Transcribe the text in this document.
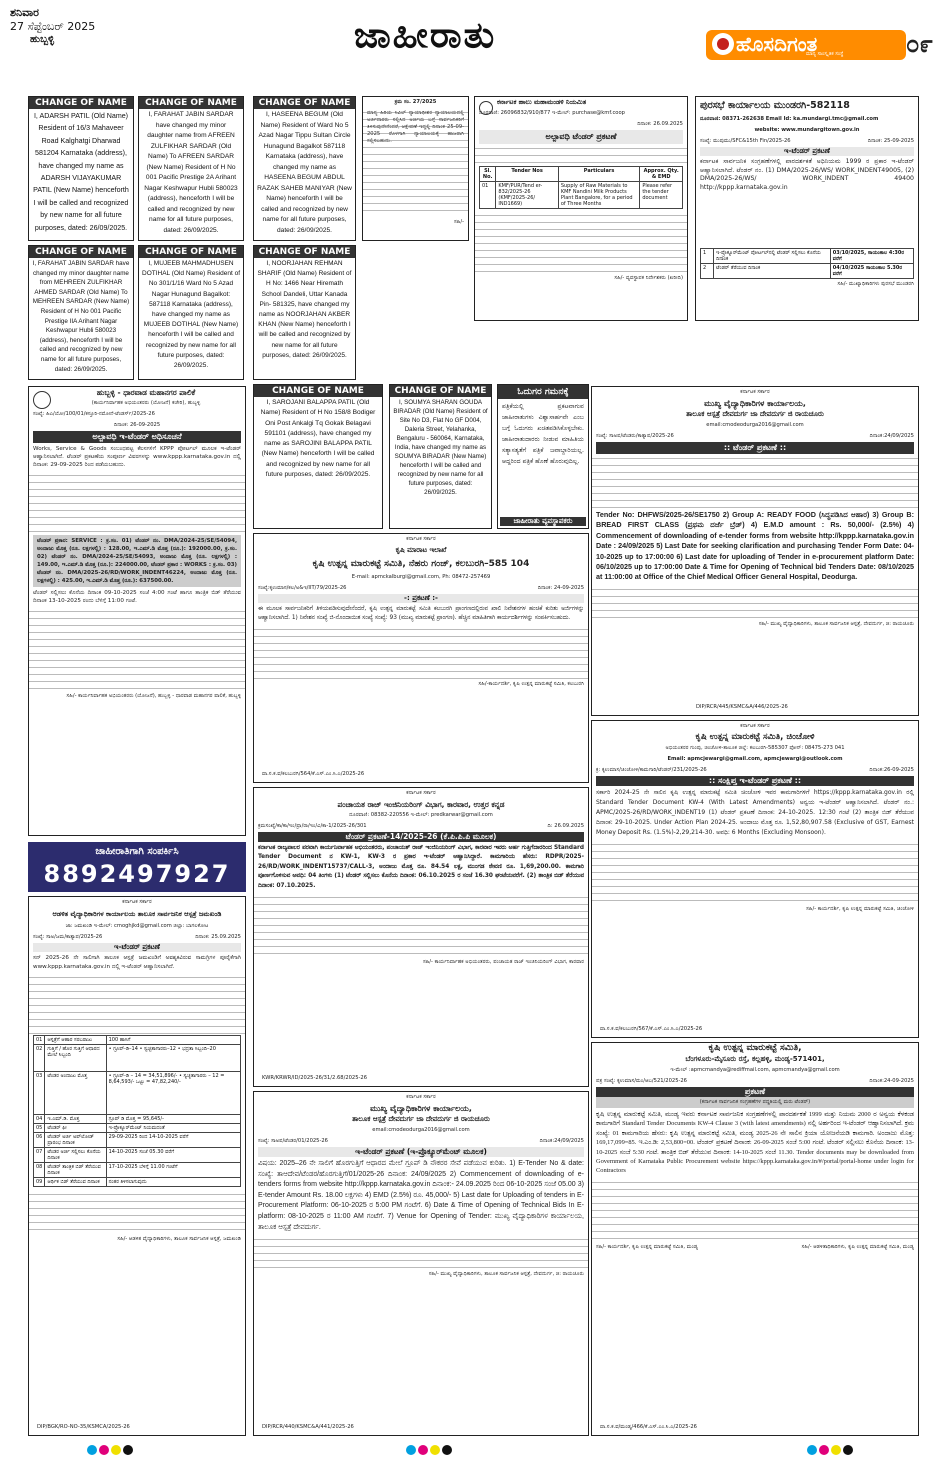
ಶನಿವಾರ
27 ಸೆಪ್ಟೆಂಬರ್ 2025
ಹುಬ್ಬಳ್ಳಿ	ಜಾಹೀರಾತು	ಹೊಸದಿಗಂತ
ಮಾನ್ಯ ಸಾಂಸ್ಕೃತಿಕ ಸಂಸ್ಥೆ	೦೯
CHANGE OF NAME
I, ADARSH PATIL (Old Name) Resident of 16/3 Mahaveer Road Kalghatgi Dharwad 581204 Karnataka (address), have changed my name as ADARSH VIJAYAKUMAR PATIL (New Name) henceforth I will be called and recognized by new name for all future purposes, dated: 26/09/2025.
CHANGE OF NAME
I, FARAHAT JABIN SARDAR have changed my minor daughter name from AFREEN ZULFIKHAR SARDAR (Old Name) To AFREEN SARDAR (New Name) Resident of H No 001 Pacific Prestige 2A Arihant Nagar Keshwapur Hubli 580023 (address), henceforth I will be called and recognized by new name for all future purposes, dated: 26/09/2025.
CHANGE OF NAME
I, HASEENA BEGUM (Old Name) Resident of Ward No 5 Azad Nagar Tippu Sultan Circle Hunagund Bagalkot 587118 Karnataka (address), have changed my name as HASEENA BEGUM ABDUL RAZAK SAHEB MANIYAR (New Name) henceforth I will be called and recognized by new name for all future purposes, dated: 26/09/2025.
ಕ್ರಮ ಸಂ. 27/2025
ಮಾನ್ಯ ಹಿರಿಯ ಸಿವಿಲ್ ನ್ಯಾಯಾಧೀಶರ ನ್ಯಾಯಾಲಯದಲ್ಲಿ ಅರ್ಜಿದಾರರು ಸಲ್ಲಿಸಿದ ಅರ್ಜಿಯ ಬಗ್ಗೆ ಸಾರ್ವಜನಿಕರಿಗೆ ತಿಳಿಸುವುದೇನೆಂದರೆ, ಆಕ್ಷೇಪಣೆ ಇದ್ದಲ್ಲಿ ದಿನಾಂಕ 25-09-2025 ರೊಳಗಾಗಿ ನ್ಯಾಯಾಲಯಕ್ಕೆ ಹಾಜರಾಗಿ ಸಲ್ಲಿಸಬಹುದು.
ಸಹಿ/-
ಕರ್ನಾಟಕ ಹಾಲು ಮಹಾಮಂಡಳಿ ನಿಯಮಿತ
ದೂರವಾಣಿ: 26096832/910/877 ಇ-ಮೇಲ್: purchase@kmf.coop
ದಿನಾಂಕ: 26.09.2025
ಅಲ್ಪಾವಧಿ ಟೆಂಡರ್ ಪ್ರಕಟಣೆ
Sl. No.	Tender Nos	Particulars	Approx. Qty. & EMD
01	KMF/PUR/Tend er-832/2025-26 (KMF/2025-26/ IND1669)	Supply of Raw Materials to KMF Nandini Milk Products Plant Bangalore, for a period of Three Months	Please refer the tender document
ಸಹಿ/- ವ್ಯವಸ್ಥಾಪಕ ನಿರ್ದೇಶಕರು (ಖರೀದಿ)
ಪುರಸಭೆ ಕಾರ್ಯಾಲಯ ಮುಂಡರಗಿ-582118
ದೂರವಾಣಿ: 08371-262638 Email Id: ka.mundargi.tmc@gmail.com
website: www.mundargitown.gov.in
ಸಂಖ್ಯೆ: ಮುಪುಮು/SFC&15th Fin/2025-26	ದಿನಾಂಕ: 25-09-2025
ಇ-ಟೆಂಡರ್ ಪ್ರಕಟಣೆ
ಕರ್ನಾಟಕ ಸಾರ್ವಜನಿಕ ಸಂಗ್ರಹಣೆಗಳಲ್ಲಿ ಪಾರದರ್ಶಕತೆ ಅಧಿನಿಯಮ 1999 ರ ಪ್ರಕಾರ ಇ-ಟೆಂಡರ್ ಆಹ್ವಾನಿಸಲಾಗಿದೆ. ಟೆಂಡರ್ ನಂ. (1) DMA/2025-26/WS/ WORK_INDENT49005, (2) DMA/2025-26/WS/ WORK_INDENT 49400 http://kppp.karnataka.gov.in
1	ಇ-ಪ್ರೊಕ್ಯೂರ್‌ಮೆಂಟ್ ಪೋರ್ಟಲ್‌ನಲ್ಲಿ ಟೆಂಡರ್ ಸಲ್ಲಿಸಲು ಕೊನೆಯ ದಿನಾಂಕ	03/10/2025, ಸಾಯಂಕಾಲ 4:30ರ ವರೆಗೆ
2	ಟೆಂಡರ್ ತೆರೆಯುವ ದಿನಾಂಕ	04/10/2025 ಸಾಯಂಕಾಲ 5.30ರ ವರೆಗೆ
ಸಹಿ/- ಮುಖ್ಯಾಧಿಕಾರಿಗಳು ಪುರಸಭೆ ಮುಂಡರಗಿ
CHANGE OF NAME
I, FARAHAT JABIN SARDAR have changed my minor daughter name from MEHREEN ZULFIKHAR AHMED SARDAR (Old Name) To MEHREEN SARDAR (New Name) Resident of H No 001 Pacific Prestige IIA Arihant Nagar Keshwapur Hubli 580023 (address), henceforth I will be called and recognized by new name for all future purposes, dated: 26/09/2025.
CHANGE OF NAME
I, MUJEEB MAHMADHUSEN DOTIHAL (Old Name) Resident of No 301/1/16 Ward No 5 Azad Nagar Hunagund Bagalkot: 587118 Karnataka (address), have changed my name as MUJEEB DOTIHAL (New Name) henceforth I will be called and recognized by new name for all future purposes, dated: 26/09/2025.
CHANGE OF NAME
I, NOORJAHAN REHMAN SHARIF (Old Name) Resident of H No: 1466 Near Hiremath School Dandeli, Uttar Kanada Pin- 581325, have changed my name as NOORJAHAN AKBER KHAN (New Name) henceforth I will be called and recognized by new name for all future purposes, dated: 26/09/2025.
ಹುಬ್ಬಳ್ಳಿ - ಧಾರವಾಡ ಮಹಾನಗರ ಪಾಲಿಕೆ
(ಕಾರ್ಯನಿರ್ವಾಹಕ ಅಭಿಯಂತರರು (ಯೋಜನೆ) ಕಚೇರಿ), ಹುಬ್ಬಳ್ಳಿ
ಸಂಖ್ಯೆ: ಹಿಎ/ಯೋ/100/01/ಕಸ್ತೂರಿ-ನಮೋನೆ-ಟೆಂಡರ್ಸ್/2025-26
ದಿನಾಂಕ: 26-09-2025
ಅಲ್ಪಾವಧಿ ಇ-ಟೆಂಡರ್ ಅಧಿಸೂಚನೆ
Works, Service & Goods ಸಂಬಂಧಪಟ್ಟ ಕೆಲಸಗಳಿಗೆ KPPP ಪೋರ್ಟಲ್ ಮೂಲಕ ಇ-ಟೆಂಡರ್ ಆಹ್ವಾನಿಸಲಾಗಿದೆ. ಟೆಂಡರ್ ಪ್ರಕಟಣೆಯ ಸಂಪೂರ್ಣ ವಿವರಗಳನ್ನು www.kppp.karnataka.gov.in ದಲ್ಲಿ ದಿನಾಂಕ: 29-09-2025 ರಿಂದ ಪಡೆಯಬಹುದು.
ಟೆಂಡರ್ ಪ್ರಕಾರ: SERVICE : ಕ್ರ.ಸಂ. 01) ಟೆಂಡರ್ ನಂ. DMA/2024-25/SE/54094, ಅಂದಾಜು ಮೊತ್ತ (ರೂ. ಲಕ್ಷಗಳಲ್ಲಿ) : 128.00, ಇ.ಎಮ್.ಡಿ ಮೊತ್ತ (ರೂ.): 192000.00, ಕ್ರ.ಸಂ. 02) ಟೆಂಡರ್ ನಂ. DMA/2024-25/SE/54093, ಅಂದಾಜು ಮೊತ್ತ (ರೂ. ಲಕ್ಷಗಳಲ್ಲಿ) : 149.00, ಇ.ಎಮ್.ಡಿ ಮೊತ್ತ (ರೂ.): 224000.00, ಟೆಂಡರ್ ಪ್ರಕಾರ : WORKS : ಕ್ರ.ಸಂ. 03) ಟೆಂಡರ್ ನಂ. DMA/2025-26/RD/WORK_INDENT46224, ಅಂದಾಜು ಮೊತ್ತ (ರೂ. ಲಕ್ಷಗಳಲ್ಲಿ) : 425.00, ಇ.ಎಮ್.ಡಿ ಮೊತ್ತ (ರೂ.): 637500.00.
ಟೆಂಡರ್ ಸಲ್ಲಿಸಲು ಕೊನೆಯ ದಿನಾಂಕ 09-10-2025 ಸಂಜೆ 4:00 ಗಂಟೆ ಹಾಗೂ ತಾಂತ್ರಿಕ ಬಿಡ್ ತೆರೆಯುವ ದಿನಾಂಕ 13-10-2025 ರಂದು ಬೆಳಿಗ್ಗೆ 11:00 ಗಂಟೆ.
ಸಹಿ/- ಕಾರ್ಯನಿರ್ವಾಹಕ ಅಭಿಯಂತರರು (ಯೋಜನೆ), ಹುಬ್ಬಳ್ಳಿ - ಧಾರವಾಡ ಮಹಾನಗರ ಪಾಲಿಕೆ, ಹುಬ್ಬಳ್ಳಿ
CHANGE OF NAME
I, SAROJANI BALAPPA PATIL (Old Name) Resident of H No 158/8 Bodiger Oni Post Ankalgi Tq Gokak Belagavi 591101 (address), have changed my name as SAROJINI BALAPPA PATIL (New Name) henceforth I will be called and recognized by new name for all future purposes, dated: 26/09/2025.
CHANGE OF NAME
I, SOUMYA SHARAN GOUDA BIRADAR (Old Name) Resident of Site No D3, Flat No GF D004, Daleria Street, Yelahanka, Bengaluru - 560064, Karnataka, India, have changed my name as SOUMYA BIRADAR (New Name) henceforth I will be called and recognized by new name for all future purposes, dated: 26/09/2025.
ಓದುಗರ ಗಮನಕ್ಕೆ
ಪತ್ರಿಕೆಯಲ್ಲಿ ಪ್ರಕಟವಾಗುವ ಜಾಹೀರಾತುಗಳು ವಿಶ್ವಾಸಾರ್ಹವೇ ಎಂಬ ಬಗ್ಗೆ ಓದುಗರು ಖಚಿತಪಡಿಸಿಕೊಳ್ಳಬೇಕು. ಜಾಹೀರಾತುದಾರರು ನೀಡುವ ಮಾಹಿತಿಯ ಸತ್ಯಾಸತ್ಯತೆಗೆ ಪತ್ರಿಕೆ ಜವಾಬ್ದಾರಿಯಲ್ಲ. ಆದ್ದರಿಂದ ಪತ್ರಿಕೆ ಹೊಣೆ ಹೊರುವುದಿಲ್ಲ.
ಜಾಹೀರಾತು ವ್ಯವಸ್ಥಾಪಕರು
ಕರ್ನಾಟಕ ಸರ್ಕಾರ
ಮುಖ್ಯ ವೈದ್ಯಾಧಿಕಾರಿಗಳ ಕಾರ್ಯಾಲಯ,
ತಾಲೂಕ ಆಸ್ಪತ್ರೆ ದೇವದುರ್ಗ ಜಾ ದೇವದುರ್ಗ ಜಿ ರಾಯಚೂರು
email:cmodeodurga2016@gmail.com
ಸಂಖ್ಯೆ: ಸಾಅಪ/ಟೆಂಡರು/ಕಾತ್ಯಾಪ/2025-26	ದಿನಾಂಕ:24/09/2025
:: ಟೆಂಡರ್ ಪ್ರಕಟಣೆ ::
Tender No: DHFWS/2025-26/SE1750 2) Group A: READY FOOD (ಸಿದ್ಧಪಡಿಸಿದ ಆಹಾರ) 3) Group B: BREAD FIRST CLASS (ಪ್ರಥಮ ದರ್ಜೆ ಬ್ರೆಡ್) 4) E.M.D amount : Rs. 50,000/- (2.5%) 4) Commencement of downloading of e-tender forms from website http://kppp.karnataka.gov.in Date : 24/09/2025 5) Last Date for seeking clarification and purchasing Tender Form Date: 04-10-2025 up to 17:00:00 6) Last date for uploading of Tender in e-procurement platform Date: 06/10/2025 up to 17:00:00 Date & Time for Opening of Technical bid Tenders Date: 08/10/2025 at 11:00:00 at Office of the Chief Medical Officer General Hospital, Deodurga.
ಸಹಿ/- ಮುಖ್ಯ ವೈದ್ಯಾಧಿಕಾರಿಗಳು, ತಾಲೂಕ ಸಾರ್ವಜನಿಕ ಆಸ್ಪತ್ರೆ, ದೇವದುರ್ಗ, ಜಿ: ರಾಯಚೂರು
DIP/RCR/445/KSMC&A/446/2025-26
ಕರ್ನಾಟಕ ಸರ್ಕಾರ
ಕೃಷಿ ಮಾರಾಟ ಇಲಾಖೆ
ಕೃಷಿ ಉತ್ಪನ್ನ ಮಾರುಕಟ್ಟೆ ಸಮಿತಿ, ನೆಹರು ಗಂಜ್, ಕಲಬುರಗಿ–585 104
E-mail: apmckalburgi@gmail.com, Ph: 08472-257469
ಸಂಖ್ಯೆ:ಕೃಉಮಾಸ/ಕಲ/ಅ&ಇ/IIT/79/2025-26	ದಿನಾಂಕ: 24-09-2025
-: ಪ್ರಕಟಣೆ :-
ಈ ಮೂಲಕ ಸಾರ್ವಜನಿಕರಿಗೆ ತಿಳಿಯಪಡಿಸುವುದೇನೆಂದರೆ, ಕೃಷಿ ಉತ್ಪನ್ನ ಮಾರುಕಟ್ಟೆ ಸಮಿತಿ ಕಲಬುರಗಿ ಪ್ರಾಂಗಣದಲ್ಲಿರುವ ಖಾಲಿ ನಿವೇಶನಗಳ ಹಂಚಿಕೆ ಕುರಿತು ಅರ್ಜಿಗಳನ್ನು ಆಹ್ವಾನಿಸಲಾಗಿದೆ. 1) ನಿವೇಶನ ಸಂಖ್ಯೆ ಜಿ-ನೊಂದಾಯಿತ ಸಂಖ್ಯೆ ಸಂಖ್ಯೆ: 93 (ಮುಖ್ಯ ಮಾರುಕಟ್ಟೆ ಪ್ರಾಂಗಣ). ಹೆಚ್ಚಿನ ಮಾಹಿತಿಗಾಗಿ ಕಾರ್ಯದರ್ಶಿಗಳನ್ನು ಸಂಪರ್ಕಿಸಬಹುದು.
ಸಹಿ/-ಕಾರ್ಯದರ್ಶಿ, ಕೃಷಿ ಉತ್ಪನ್ನ ಮಾರುಕಟ್ಟೆ ಸಮಿತಿ, ಕಲಬುರಗಿ
ವಾ.ಸ.ಕ.ವ/ಕಲಬುರಗಿ/564/ಕೆ.ಎಸ್.ಎಂ.ಸಿ.ಎ/2025-26
ಕರ್ನಾಟಕ ಸರ್ಕಾರ
ಕೃಷಿ ಉತ್ಪನ್ನ ಮಾರುಕಟ್ಟೆ ಸಮಿತಿ, ಚಿಂಚೋಳಿ
ಅಭಿಯಂತರರ ಗುಂಪು, ಚಿಂಚೋಳಿ-ತಾಲೂಕ ಜಿಲ್ಲೆ: ಕಲಬುರಗಿ-585307 ಫೋನ್: 08475-273 041
Email: apmcjewargi@gmail.com, apmcjewargi@outlook.com
ಕ್ರ: ಕೃಉಮಾಸ/ಚಿಂಚೋಳಿ/ಕಾಮಗಾರಿ/ಟೆಂಡರ್/231/2025-26	ದಿನಾಂಕ:26-09-2025
:: ಸಂಕ್ಷಿಪ್ತ ಇ-ಟೆಂಡರ್ ಪ್ರಕಟಣೆ ::
ಸರ್ಕಾರಿ 2024-25 ನೇ ಸಾಲಿನ ಕೃಷಿ ಉತ್ಪನ್ನ ಮಾರುಕಟ್ಟೆ ಸಮಿತಿ ಚಿಂಚೋಳಿ ಇವರ ಕಾಮಗಾರಿಗಳಿಗೆ https://kppp.karnataka.gov.in ರಲ್ಲಿ Standard Tender Document KW-4 (With Latest Amendments) ಅನ್ವಯ ಇ-ಟೆಂಡರ್ ಆಹ್ವಾನಿಸಲಾಗಿದೆ. ಟೆಂಡರ್ ನಂ.: APMC/2025-26/RD/WORK_INDENT19 (1) ಟೆಂಡರ್ ಪ್ರಕಟಣೆ ದಿನಾಂಕ: 24-10-2025. 12:30 ಗಂಟೆ (2) ತಾಂತ್ರಿಕ ಬಿಡ್ ತೆರೆಯುವ ದಿನಾಂಕ: 29-10-2025. Under Action Plan 2024-25. ಅಂದಾಜು ಮೊತ್ತ ರೂ. 1,52,80,907.58 (Exclusive of GST, Earnest Money Deposit Rs. (1.5%)-2,29,214-30. ಅವಧಿ: 6 Months (Excluding Monsoon).
ಸಹಿ/- ಕಾರ್ಯದರ್ಶಿ, ಕೃಷಿ ಉತ್ಪನ್ನ ಮಾರುಕಟ್ಟೆ ಸಮಿತಿ, ಚಿಂಚೋಳಿ
ವಾ.ಸ.ಕ.ವ/ಕಲಬುರಗಿ/567/ಕೆ.ಎಸ್.ಎಂ.ಸಿ.ಎ/2025-26
ಜಾಹೀರಾತಿಗಾಗಿ ಸಂಪರ್ಕಿಸಿ
8892497927
ಕರ್ನಾಟಕ ಸರ್ಕಾರ
ಪಂಚಾಯತ ರಾಜ್ ಇಂಜಿನಿಯರಿಂಗ್ ವಿಭಾಗ, ಕಾರವಾರ, ಉತ್ತರ ಕನ್ನಡ
ದೂರವಾಣಿ: 08382-220556 ಇ-ಮೇಲ್: predkarwar@gmail.com
ಕ್ರಮಸಂಖ್ಯೆ/ಕಾ/ಕಾ/ಇಂ/ಪ್ರಾ/ರಾ/ಇಂ/ವಿ/ಕಾ-1/2025-26/301	ದಿ: 26.09.2025
ಟೆಂಡರ್ ಪ್ರಕಟಣೆ-14/2025-26 (ಕೆ.ಪಿ.ಪಿ.ಪಿ ಮೂಲಕ)
ಕರ್ನಾಟಕ ರಾಜ್ಯಪಾಲರ ಪರವಾಗಿ ಕಾರ್ಯನಿರ್ವಾಹಕ ಅಭಿಯಂತರರು, ಪಂಚಾಯತ್ ರಾಜ್ ಇಂಜಿನಿಯರಿಂಗ್ ವಿಭಾಗ, ಕಾರವಾರ ಇವರು ಅರ್ಹ ಗುತ್ತಿಗೆದಾರರಿಂದ Standard Tender Document ನ KW-1, KW-3 ರ ಪ್ರಕಾರ ಇ-ಟೆಂಡರ್ ಆಹ್ವಾನಿಸಿದ್ದಾರೆ. ಕಾಮಗಾರಿಯ ಹೆಸರು: RDPR/2025-26/RD/WORK_INDENT15737/CALL-3, ಅಂದಾಜು ಮೊತ್ತ ರೂ. 84.54 ಲಕ್ಷ, ಮುಂಗಡ ಠೇವಣಿ ರೂ. 1,69,200.00. ಕಾಮಗಾರಿ ಪೂರ್ಣಗೊಳಿಸುವ ಅವಧಿ: 04 ತಿಂಗಳು (1) ಟೆಂಡರ್ ಸಲ್ಲಿಸಲು ಕೊನೆಯ ದಿನಾಂಕ: 06.10.2025 ರ ಸಂಜೆ 16.30 ಘಂಟೆಯವರೆಗೆ. (2) ತಾಂತ್ರಿಕ ಬಿಡ್ ತೆರೆಯುವ ದಿನಾಂಕ: 07.10.2025.
ಸಹಿ/- ಕಾರ್ಯನಿರ್ವಾಹಕ ಅಭಿಯಂತರರು, ಪಂಚಾಯತ ರಾಜ್ ಇಂಜಿನಿಯರಿಂಗ್ ವಿಭಾಗ, ಕಾರವಾರ
KWR/KRWR/ID/2025-26/31/2.68/2025-26
ಕರ್ನಾಟಕ ಸರ್ಕಾರ
ಆಡಳಿತ ವೈದ್ಯಾಧಿಕಾರಿಗಳ ಕಾರ್ಯಾಲಯ ತಾಲೂಕ ಸಾರ್ವಜನಿಕ ಆಸ್ಪತ್ರೆ ಜಮಖಂಡಿ
ಜಾ: ಜಮಖಂಡಿ ಇ-ಮೇಲ್: cmoghjkd@gmail.com ಜಿಲ್ಲಾ: ಬಾಗಲಕೋಟ
ಸಂಖ್ಯೆ: ಸಾಅ/ಜಮ/ಕಾತ್ಯಾಪ/2025-26	ದಿನಾಂಕ: 25.09.2025
ಇ-ಟೆಂಡರ್ ಪ್ರಕಟಣೆ
ಸನ್ 2025-26 ನೇ ಸಾಲಿಗಾಗಿ ತಾಲೂಕ ಆಸ್ಪತ್ರೆ ಜಮಖಂಡಿಗೆ ಅವಶ್ಯಕವಿರುವ ಸಾಮಗ್ರಿಗಳ ಪೂರೈಕೆಗಾಗಿ www.kppp.karnataka.gov.in ದಲ್ಲಿ ಇ-ಟೆಂಡರ್ ಆಹ್ವಾನಿಸಲಾಗಿದೆ.
01	ಆಸ್ಪತ್ರೆಗೆ ಆಹಾರ ಸರಬರಾಜು	100 ಹಾಸಿಗೆ
02	ಗುತ್ತಿಗೆ / ಹೊರ ಗುತ್ತಿಗೆ ಆಧಾರದ ಮೇಲೆ ಸಿಬ್ಬಂದಿ	• ಗ್ರೂಪ್-ಡಿ–14 • ಸ್ವಚ್ಛತಾಗಾರರು–12 • ಭದ್ರತಾ ಸಿಬ್ಬಂದಿ–20
03	ಟೆಂಡರ ಅಂದಾಜು ಮೊತ್ತ	• ಗ್ರೂಪ್-ಡಿ – 14 = 34,51,896/- • ಸ್ವಚ್ಛತಾಗಾರರು – 12 = 8,64,593/- ಒಟ್ಟು = 47,82,240/-
04	ಇ.ಎಮ್.ಡಿ. ಮೊತ್ತ	ಗ್ರೂಪ್ ಡಿ ಮೊತ್ತ = 95,645/-
05	ಟೆಂಡರ್ ಫೀ	ಇ-ಪ್ರೊಕ್ಯೂರ್‌ಮೆಂಟ್ ನಿಯಮದಂತೆ
06	ಟೆಂಡರ್ ಅರ್ಜಿ ಅಪ್‌ಲೋಡ್ ಪ್ರಾರಂಭ ದಿನಾಂಕ	29-09-2025 ರಿಂದ 14-10-2025 ವರೆಗೆ
07	ಟೆಂಡರ ಅರ್ಜಿ ಸಲ್ಲಿಸಲು ಕೊನೆಯ ದಿನಾಂಕ	14-10-2025 ಸಂಜೆ 05.30 ವರೆಗೆ
08	ಟೆಂಡರ್ ತಾಂತ್ರಿಕ ಬಿಡ್ ತೆರೆಯುವ ದಿನಾಂಕ	17-10-2025 ಬೆಳಿಗ್ಗೆ 11.00 ಗಂಟೆಗೆ
09	ಆರ್ಥಿಕ ಬಿಡ್ ತೆರೆಯುವ ದಿನಾಂಕ	ನಂತರ ತಿಳಿಸಲಾಗುವುದು
ಸಹಿ/- ಆಡಳಿತ ವೈದ್ಯಾಧಿಕಾರಿಗಳು, ತಾಲೂಕ ಸಾರ್ವಜನಿಕ ಆಸ್ಪತ್ರೆ, ಜಮಖಂಡಿ
DIP/BGK/RO-NO-35/KSMCA/2025-26
ಕರ್ನಾಟಕ ಸರ್ಕಾರ
ಮುಖ್ಯ ವೈದ್ಯಾಧಿಕಾರಿಗಳ ಕಾರ್ಯಾಲಯ,
ತಾಲೂಕ ಆಸ್ಪತ್ರೆ ದೇವದುರ್ಗ ಜಾ ದೇವದುರ್ಗ ಜಿ ರಾಯಚೂರು
email:cmodeodurga2016@gmail.com
ಸಂಖ್ಯೆ: ಸಾಅಪ/ಟೆಂಡರ/01/2025-26	ದಿನಾಂಕ:24/09/2025
ಇ-ಟೆಂಡರ್ ಪ್ರಕಟಣೆ (ಇ-ಪ್ರೊಕ್ಯೂರ್‌ಮೆಂಟ್ ಮೂಲಕ)
ವಿಷಯ: 2025–26 ನೇ ಸಾಲಿಗೆ ಹೊರಗುತ್ತಿಗೆ ಆಧಾರದ ಮೇಲೆ ಗ್ರೂಪ್ ಡಿ ನೌಕರರ ಸೇವೆ ಪಡೆಯುವ ಕುರಿತು. 1) E-Tender No & date: ಸಂಖ್ಯೆ: ತಾಆದೇವ/ಟೆಂಡರ/ಹೊರಗುತ್ತಿಗೆ/01/2025-26 ದಿನಾಂಕ: 24/09/2025 2) Commencement of downloading of e-tenders forms from website http://kppp.karnataka.gov.in ದಿನಾಂಕ:- 24.09.2025 ರಿಂದ 06-10-2025 ಸಂಜೆ 05.00 3) E-tender Amount Rs. 18.00 ಲಕ್ಷಗಳು 4) EMD (2.5%) ರೂ. 45,000/- 5) Last date for Uploading of tenders in E-Procurement Platform: 06-10-2025 ರ 5:00 PM ಗಂಟೆಗೆ. 6) Date & Time of Opening of Technical Bids In E-platform: 08-10-2025 ರ 11:00 AM ಗಂಟೆಗೆ. 7) Venue for Opening of Tender: ಮುಖ್ಯ ವೈದ್ಯಾಧಿಕಾರಿಗಳ ಕಾರ್ಯಾಲಯ, ತಾಲೂಕ ಆಸ್ಪತ್ರೆ ದೇವದುರ್ಗ.
ಸಹಿ/- ಮುಖ್ಯ ವೈದ್ಯಾಧಿಕಾರಿಗಳು, ತಾಲೂಕ ಸಾರ್ವಜನಿಕ ಆಸ್ಪತ್ರೆ, ದೇವದುರ್ಗ, ಜಿ: ರಾಯಚೂರು
DIP/RCR/440/KSMC&A/441/2025-26
ಕೃಷಿ ಉತ್ಪನ್ನ ಮಾರುಕಟ್ಟೆ ಸಮಿತಿ,
ಬೆಂಗಳೂರು-ಮೈಸೂರು ರಸ್ತೆ, ಕಲ್ಲಹಳ್ಳಿ, ಮಂಡ್ಯ-571401,
ಇ-ಮೇಲ್ :apmcmandya@rediffmail.com, apmcmandya@gmail.com
ಪತ್ರ ಸಂಖ್ಯೆ: ಕೃಉಮಾಸ/ಮಂ/ಆಬ/521/2025-26	ದಿನಾಂಕ:24-09-2025
ಪ್ರಕಟಣೆ
(ಕರ್ನಾಟಕ ಸಾರ್ವಜನಿಕ ಸಂಗ್ರಹಣೆಗಳ ಪದ್ಧತಿಯಲ್ಲಿ ಮರು ಟೆಂಡರ್)
ಕೃಷಿ ಉತ್ಪನ್ನ ಮಾರುಕಟ್ಟೆ ಸಮಿತಿ, ಮಂಡ್ಯ ಇವರು ಕರ್ನಾಟಕ ಸಾರ್ವಜನಿಕ ಸಂಗ್ರಹಣೆಗಳಲ್ಲಿ ಪಾರದರ್ಶಕತೆ 1999 ಮತ್ತು ನಿಯಮ 2000 ರ ಅನ್ವಯ ಕೆಳಕಂಡ ಕಾಮಗಾರಿಗೆ Standard Tender Documents KW-4 Clause 3 (with latest amendments) ನಲ್ಲಿ ಅರ್ಹರಿಂದ ಇ-ಟೆಂಡರ್ ಆಹ್ವಾನಿಸಲಾಗಿದೆ. ಕ್ರಮ ಸಂಖ್ಯೆ: 01 ಕಾಮಗಾರಿಯ ಹೆಸರು: ಕೃಷಿ ಉತ್ಪನ್ನ ಮಾರುಕಟ್ಟೆ ಸಮಿತಿ, ಮಂಡ್ಯ 2025-26 ನೇ ಸಾಲಿನ ಕ್ರಿಯಾ ಯೋಜನೆಯಡಿ ಕಾಮಗಾರಿ. ಅಂದಾಜು ಮೊತ್ತ: 169,17,099=85. ಇ.ಎಂ.ಡಿ: 2,53,800=00. ಟೆಂಡರ್ ಪ್ರಕಟಣೆ ದಿನಾಂಕ: 26-09-2025 ಸಂಜೆ 5:00 ಗಂಟೆ. ಟೆಂಡರ್ ಸಲ್ಲಿಸಲು ಕೊನೆಯ ದಿನಾಂಕ: 13-10-2025 ಸಂಜೆ 5:30 ಗಂಟೆ. ತಾಂತ್ರಿಕ ಬಿಡ್ ತೆರೆಯುವ ದಿನಾಂಕ: 14-10-2025 ಸಂಜೆ 11.30. Tender documents may be downloaded from Government of Karnataka Public Procurement website https://kppp.karnataka.gov.in/#/portal/portal-home under login for Contractors
ಸಹಿ/- ಕಾರ್ಯದರ್ಶಿ, ಕೃಷಿ ಉತ್ಪನ್ನ ಮಾರುಕಟ್ಟೆ ಸಮಿತಿ, ಮಂಡ್ಯ	ಸಹಿ/- ಆಡಳಿತಾಧಿಕಾರಿಗಳು, ಕೃಷಿ ಉತ್ಪನ್ನ ಮಾರುಕಟ್ಟೆ ಸಮಿತಿ, ಮಂಡ್ಯ
ವಾ.ಸ.ಕ.ವ/ಮಂಡ್ಯ/466/ಕೆ.ಎಸ್.ಎಂ.ಸಿ.ಎ/2025-26
